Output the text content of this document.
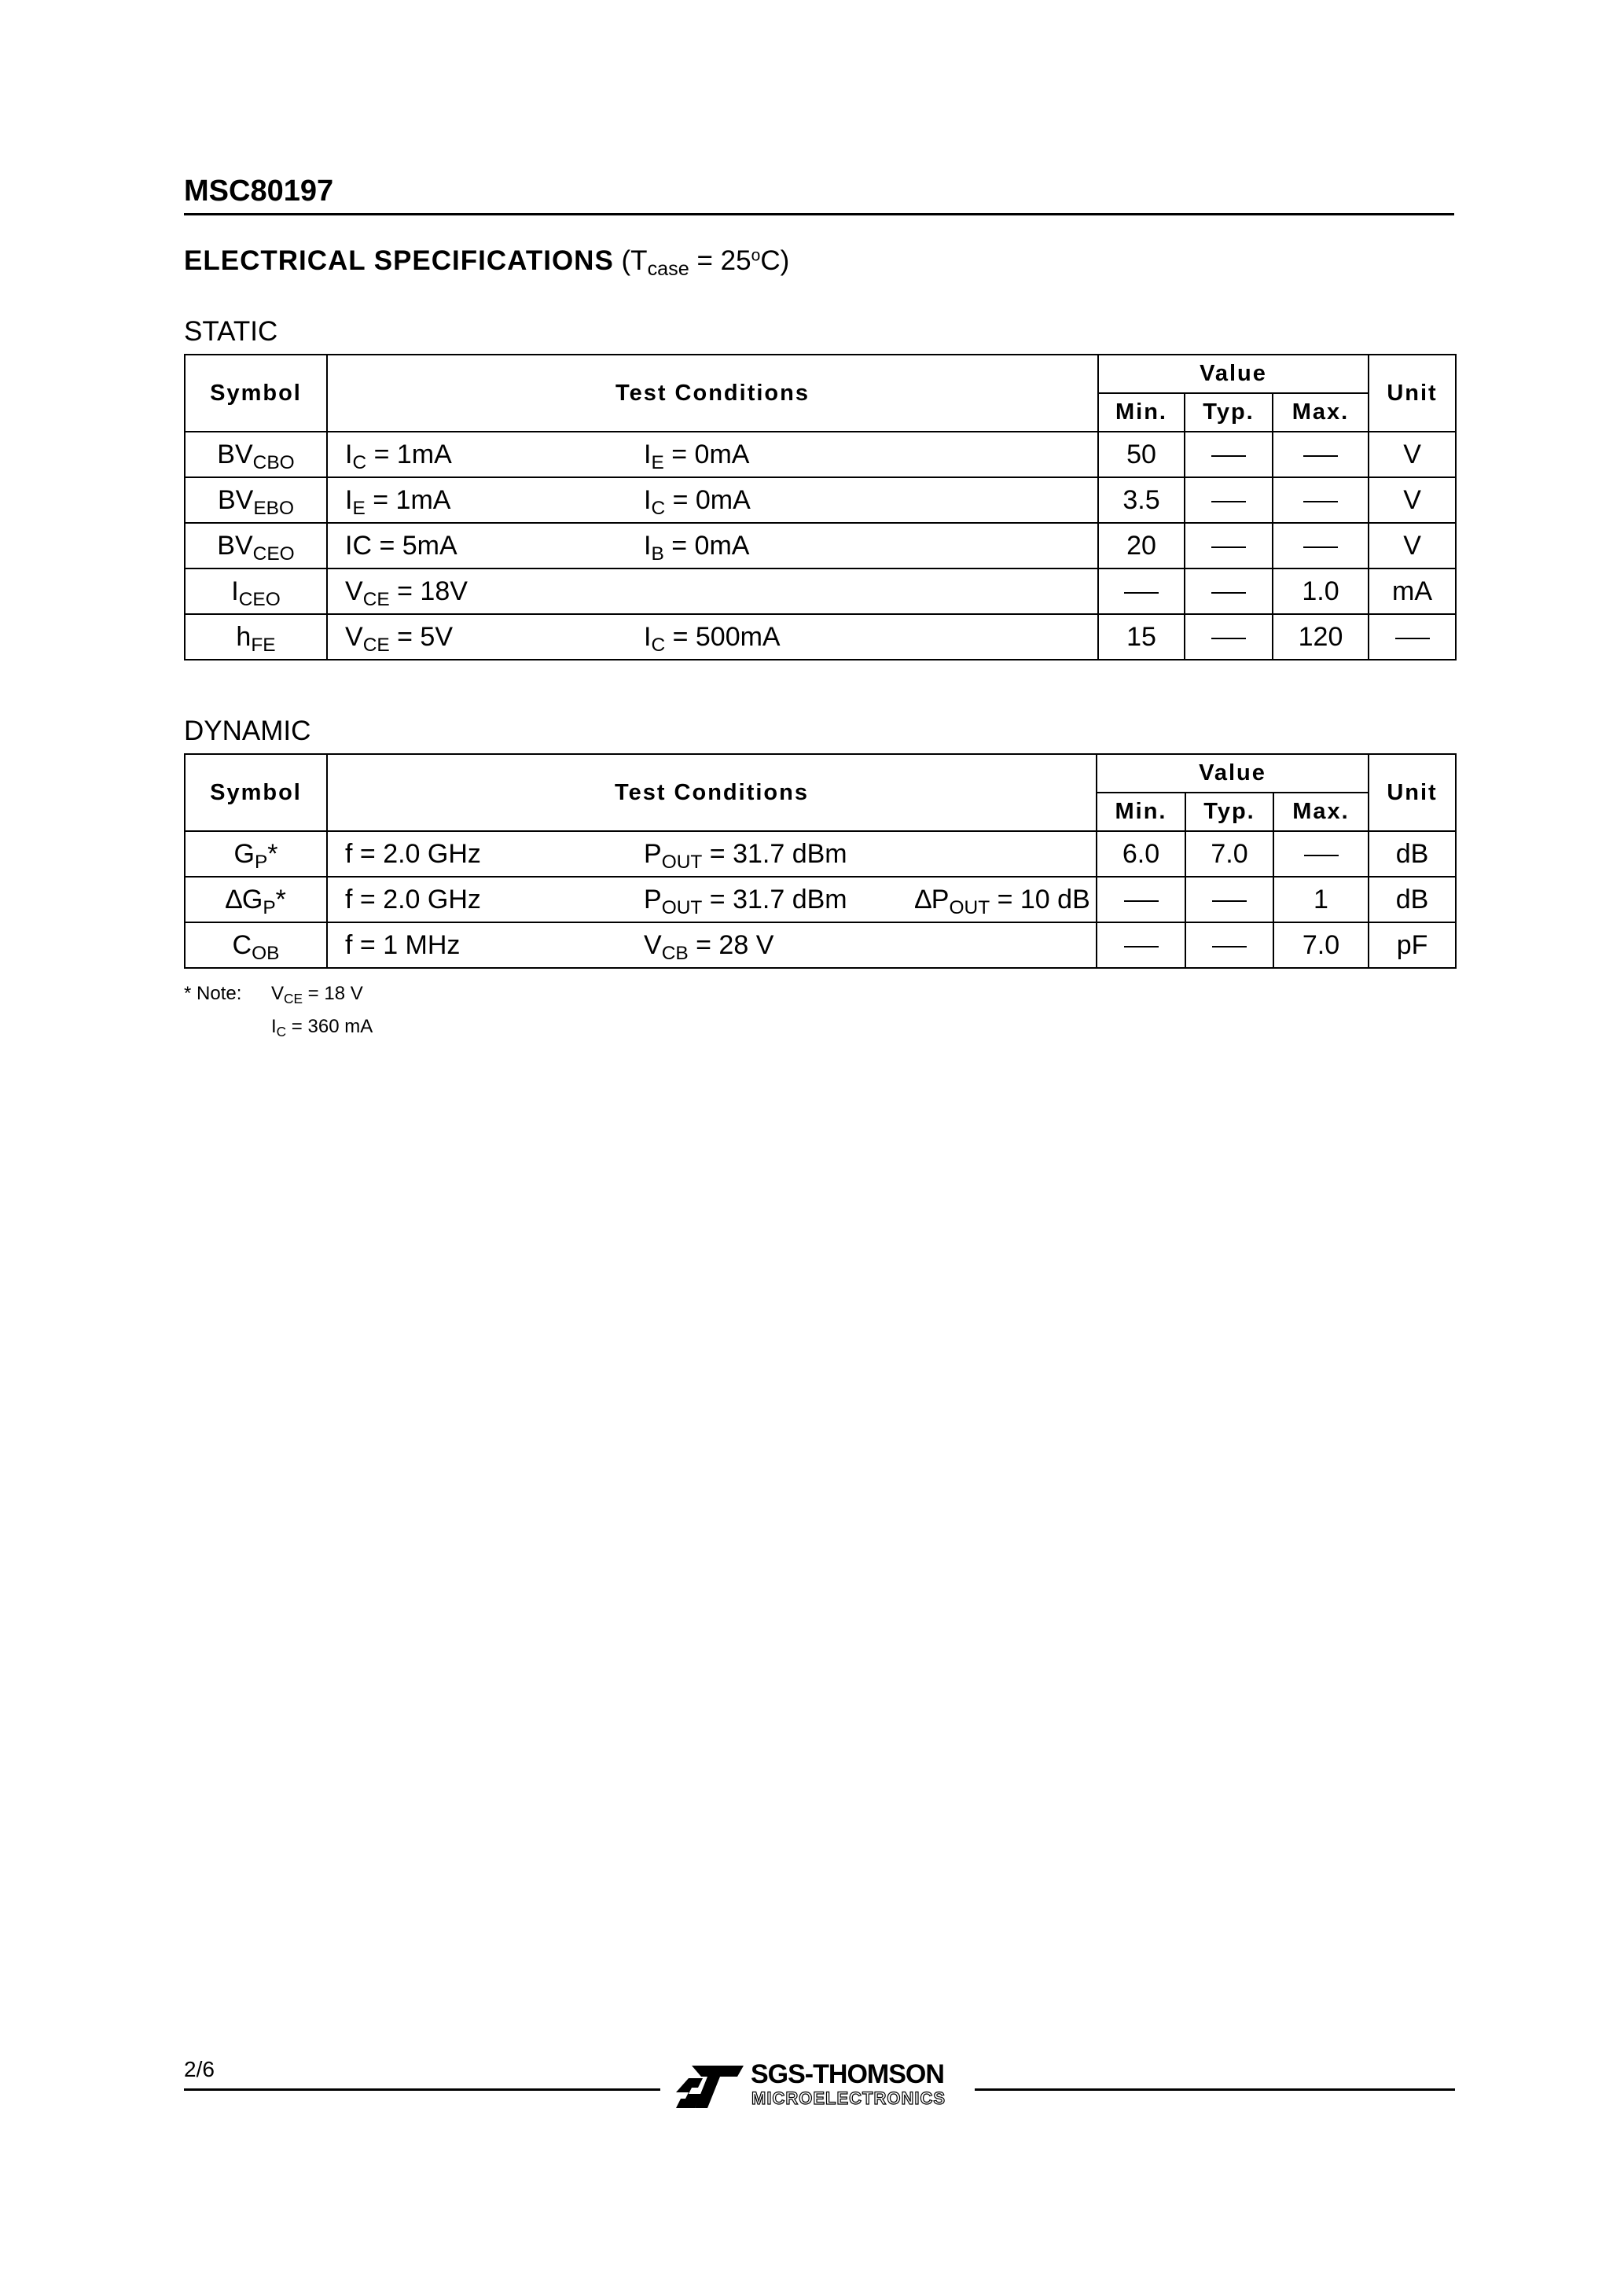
MSC80197
ELECTRICAL SPECIFICATIONS $(T_{case} = 25^oC)$
STATIC
Symbol	Test Conditions	Value			Unit
		Min.	Typ.	Max.	
$BV_{CBO}$	$I_C = 1mA$ $I_E = 0mA$	50			V
$BV_{EBO}$	$I_E = 1mA$ $I_C = 0mA$	3.5			V
$BV_{CEO}$	IC = 5mA $I_B = 0mA$	20			V
$I_{CEO}$	$V_{CE} = 18V$			1.0	mA
$h_{FE}$	$V_{CE} = 5V$ $I_C = 500mA$	15		120	
DYNAMIC
Symbol	Test Conditions	Value			Unit
		Min.	Typ.	Max.	
$G_P*$	f = 2.0 GHz $P_{OUT} = 31.7$ dBm	6.0	7.0		dB
$\Delta G_P*$	f = 2.0 GHz $P_{OUT} = 31.7$ dBm $\Delta P_{OUT} = 10$ dB			1	dB
$C_{OB}$	f = 1 MHz $V_{CB} = 28$ V			7.0	pF
* Note: $V_{CE} = 18$ V
$I_C = 360$ mA
2/6	SGS-THOMSON
MICROELECTRONICS
